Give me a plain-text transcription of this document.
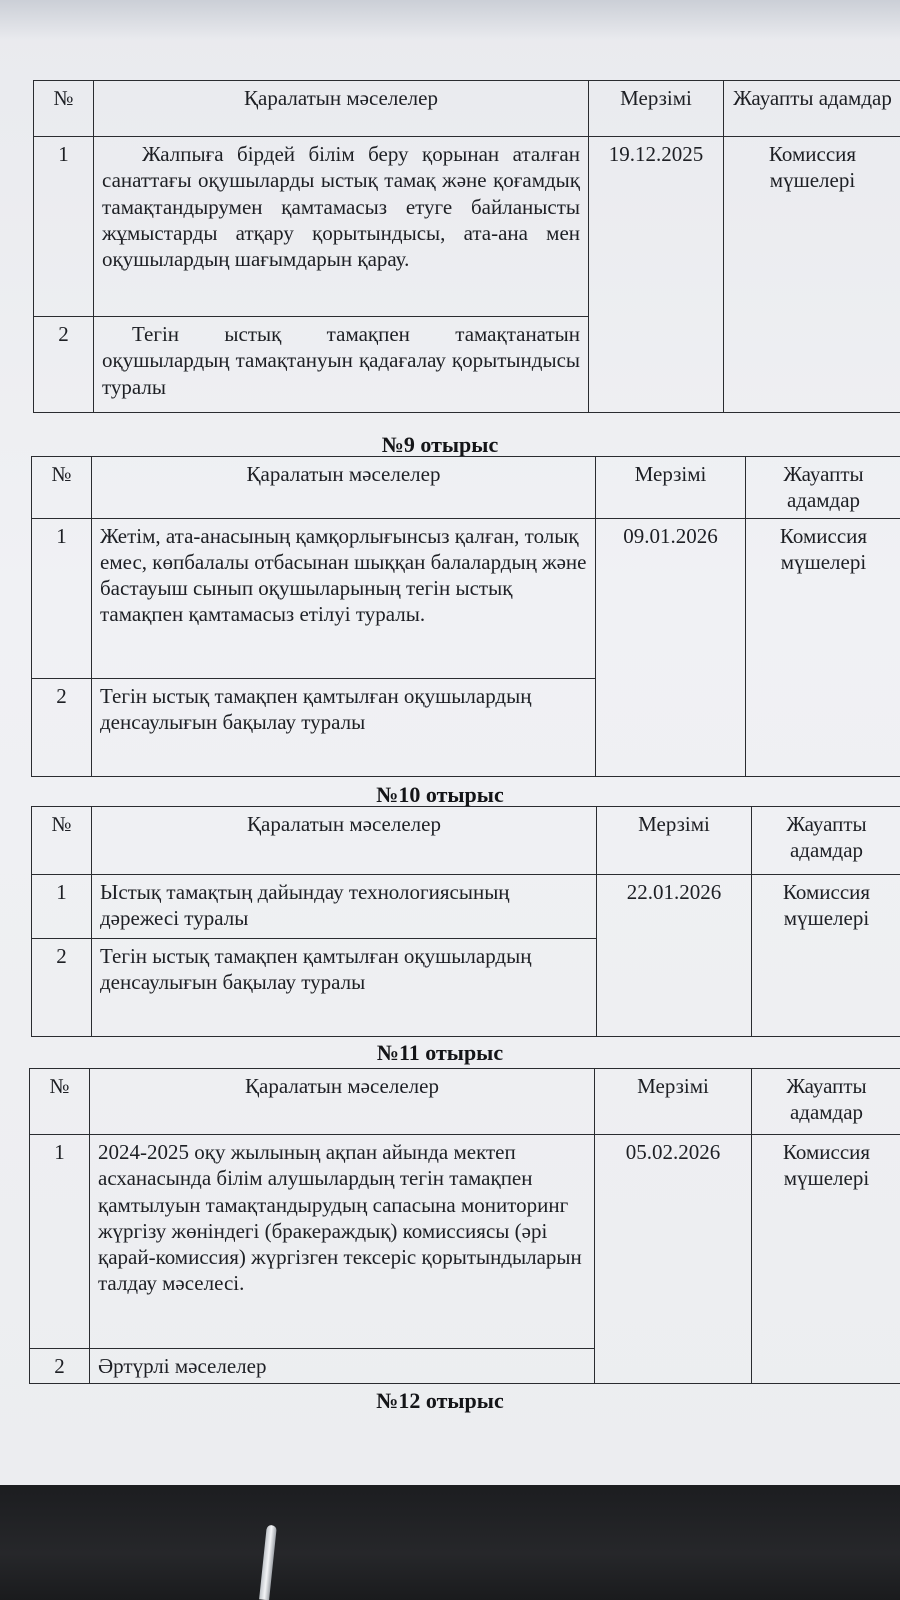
№	Қаралатын мәселелер	Мерзімі	Жауапты адамдар
1	Жалпыға бірдей білім беру қорынан аталған санаттағы оқушыларды ыстық тамақ және қоғамдық тамақтандырумен қамтамасыз етуге байланысты жұмыстарды атқару қорытындысы, ата-ана мен оқушылардың шағымдарын қарау.	19.12.2025	Комиссия мүшелері
2	Тегін ыстық тамақпен тамақтанатын оқушылардың тамақтануын қадағалау қорытындысы туралы		
№9 отырыс
№	Қаралатын мәселелер	Мерзімі	Жауапты адамдар
1	Жетім, ата-анасының қамқорлығынсыз қалған, толық емес, көпбалалы отбасынан шыққан балалардың және бастауыш сынып оқушыларының тегін ыстық тамақпен қамтамасыз етілуі туралы.	09.01.2026	Комиссия мүшелері
2	Тегін ыстық тамақпен қамтылған оқушылардың денсаулығын бақылау туралы		
№10 отырыс
№	Қаралатын мәселелер	Мерзімі	Жауапты адамдар
1	Ыстық тамақтың дайындау технологиясының дәрежесі туралы	22.01.2026	Комиссия мүшелері
2	Тегін ыстық тамақпен қамтылған оқушылардың денсаулығын бақылау туралы		
№11 отырыс
№	Қаралатын мәселелер	Мерзімі	Жауапты адамдар
1	2024-2025 оқу жылының ақпан айында мектеп асханасында білім алушылардың тегін тамақпен қамтылуын тамақтандырудың сапасына мониторинг жүргізу жөніндегі (бракераждық) комиссиясы (әрі қарай-комиссия) жүргізген тексеріс қорытындыларын талдау мәселесі.	05.02.2026	Комиссия мүшелері
2	Әртүрлі мәселелер		
№12 отырыс
